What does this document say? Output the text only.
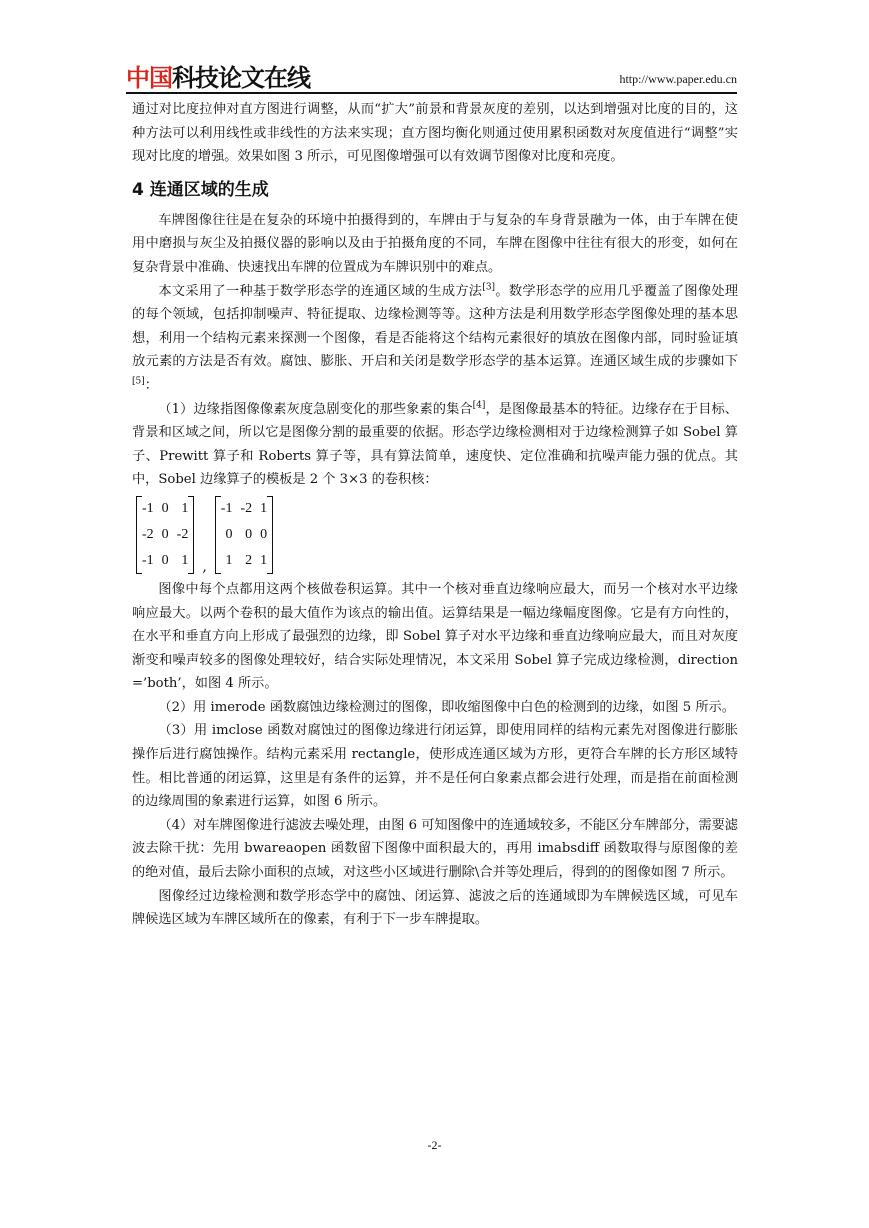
中国科技论文在线	http://www.paper.edu.cn

通过对比度拉伸对直方图进行调整，从而“扩大”前景和背景灰度的差别，以达到增强对比度的目的，这种方法可以利用线性或非线性的方法来实现；直方图均衡化则通过使用累积函数对灰度值进行“调整”实现对比度的增强。效果如图 3 所示，可见图像增强可以有效调节图像对比度和亮度。

4 连通区域的生成

车牌图像往往是在复杂的环境中拍摄得到的，车牌由于与复杂的车身背景融为一体，由于车牌在使用中磨损与灰尘及拍摄仪器的影响以及由于拍摄角度的不同，车牌在图像中往往有很大的形变，如何在复杂背景中准确、快速找出车牌的位置成为车牌识别中的难点。

本文采用了一种基于数学形态学的连通区域的生成方法[3]。数学形态学的应用几乎覆盖了图像处理的每个领域，包括抑制噪声、特征提取、边缘检测等等。这种方法是利用数学形态学图像处理的基本思想，利用一个结构元素来探测一个图像，看是否能将这个结构元素很好的填放在图像内部，同时验证填放元素的方法是否有效。腐蚀、膨胀、开启和关闭是数学形态学的基本运算。连通区域生成的步骤如下[5]：

（1）边缘指图像像素灰度急剧变化的那些象素的集合[4]，是图像最基本的特征。边缘存在于目标、背景和区域之间，所以它是图像分割的最重要的依据。形态学边缘检测相对于边缘检测算子如 Sobel 算子、Prewitt 算子和 Roberts 算子等，具有算法简单，速度快、定位准确和抗噪声能力强的优点。其中，Sobel 边缘算子的模板是 2 个 3×3 的卷积核：

-1 0 1
-2 0 -2
-1 0 1 ,
-1 -2 1
0 0 0
1 2 1

图像中每个点都用这两个核做卷积运算。其中一个核对垂直边缘响应最大，而另一个核对水平边缘响应最大。以两个卷积的最大值作为该点的输出值。运算结果是一幅边缘幅度图像。它是有方向性的，在水平和垂直方向上形成了最强烈的边缘，即 Sobel 算子对水平边缘和垂直边缘响应最大，而且对灰度渐变和噪声较多的图像处理较好，结合实际处理情况，本文采用 Sobel 算子完成边缘检测，direction=’both’，如图 4 所示。

（2）用 imerode 函数腐蚀边缘检测过的图像，即收缩图像中白色的检测到的边缘，如图 5 所示。

（3）用 imclose 函数对腐蚀过的图像边缘进行闭运算，即使用同样的结构元素先对图像进行膨胀操作后进行腐蚀操作。结构元素采用 rectangle，使形成连通区域为方形，更符合车牌的长方形区域特性。相比普通的闭运算，这里是有条件的运算，并不是任何白象素点都会进行处理，而是指在前面检测的边缘周围的象素进行运算，如图 6 所示。

（4）对车牌图像进行滤波去噪处理，由图 6 可知图像中的连通域较多，不能区分车牌部分，需要滤波去除干扰：先用 bwareaopen 函数留下图像中面积最大的，再用 imabsdiff 函数取得与原图像的差的绝对值，最后去除小面积的点域，对这些小区域进行删除\合并等处理后，得到的的图像如图 7 所示。

图像经过边缘检测和数学形态学中的腐蚀、闭运算、滤波之后的连通域即为车牌候选区域，可见车牌候选区域为车牌区域所在的像素，有利于下一步车牌提取。

-2-
